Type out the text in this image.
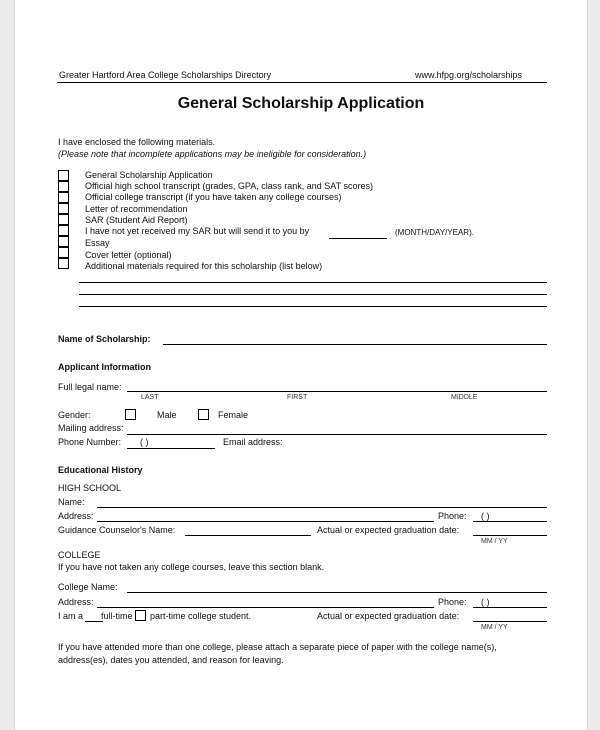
Greater Hartford Area College Scholarships Directory	www.hfpg.org/scholarships
General Scholarship Application
I have enclosed the following materials.
(Please note that incomplete applications may be ineligible for consideration.)
General Scholarship Application
Official high school transcript (grades, GPA, class rank, and SAT scores)
Official college transcript (if you have taken any college courses)
Letter of recommendation
SAR (Student Aid Report)
I have not yet received my SAR but will send it to you by	(MONTH/DAY/YEAR).
Essay
Cover letter (optional)
Additional materials required for this scholarship (list below)
Name of Scholarship:
Applicant Information
Full legal name:
LAST	FIRST	MIDDLE
Gender:	Male	Female
Mailing address:
Phone Number: ( )	Email address:
Educational History
HIGH SCHOOL
Name:
Address:	Phone: ( )
Guidance Counselor's Name:	Actual or expected graduation date:
MM / YY
COLLEGE
If you have not taken any college courses, leave this section blank.
College Name:
Address:	Phone: ( )
I am a full-time part-time college student.	Actual or expected graduation date:
MM / YY
If you have attended more than one college, please attach a separate piece of paper with the college name(s),
address(es), dates you attended, and reason for leaving.
